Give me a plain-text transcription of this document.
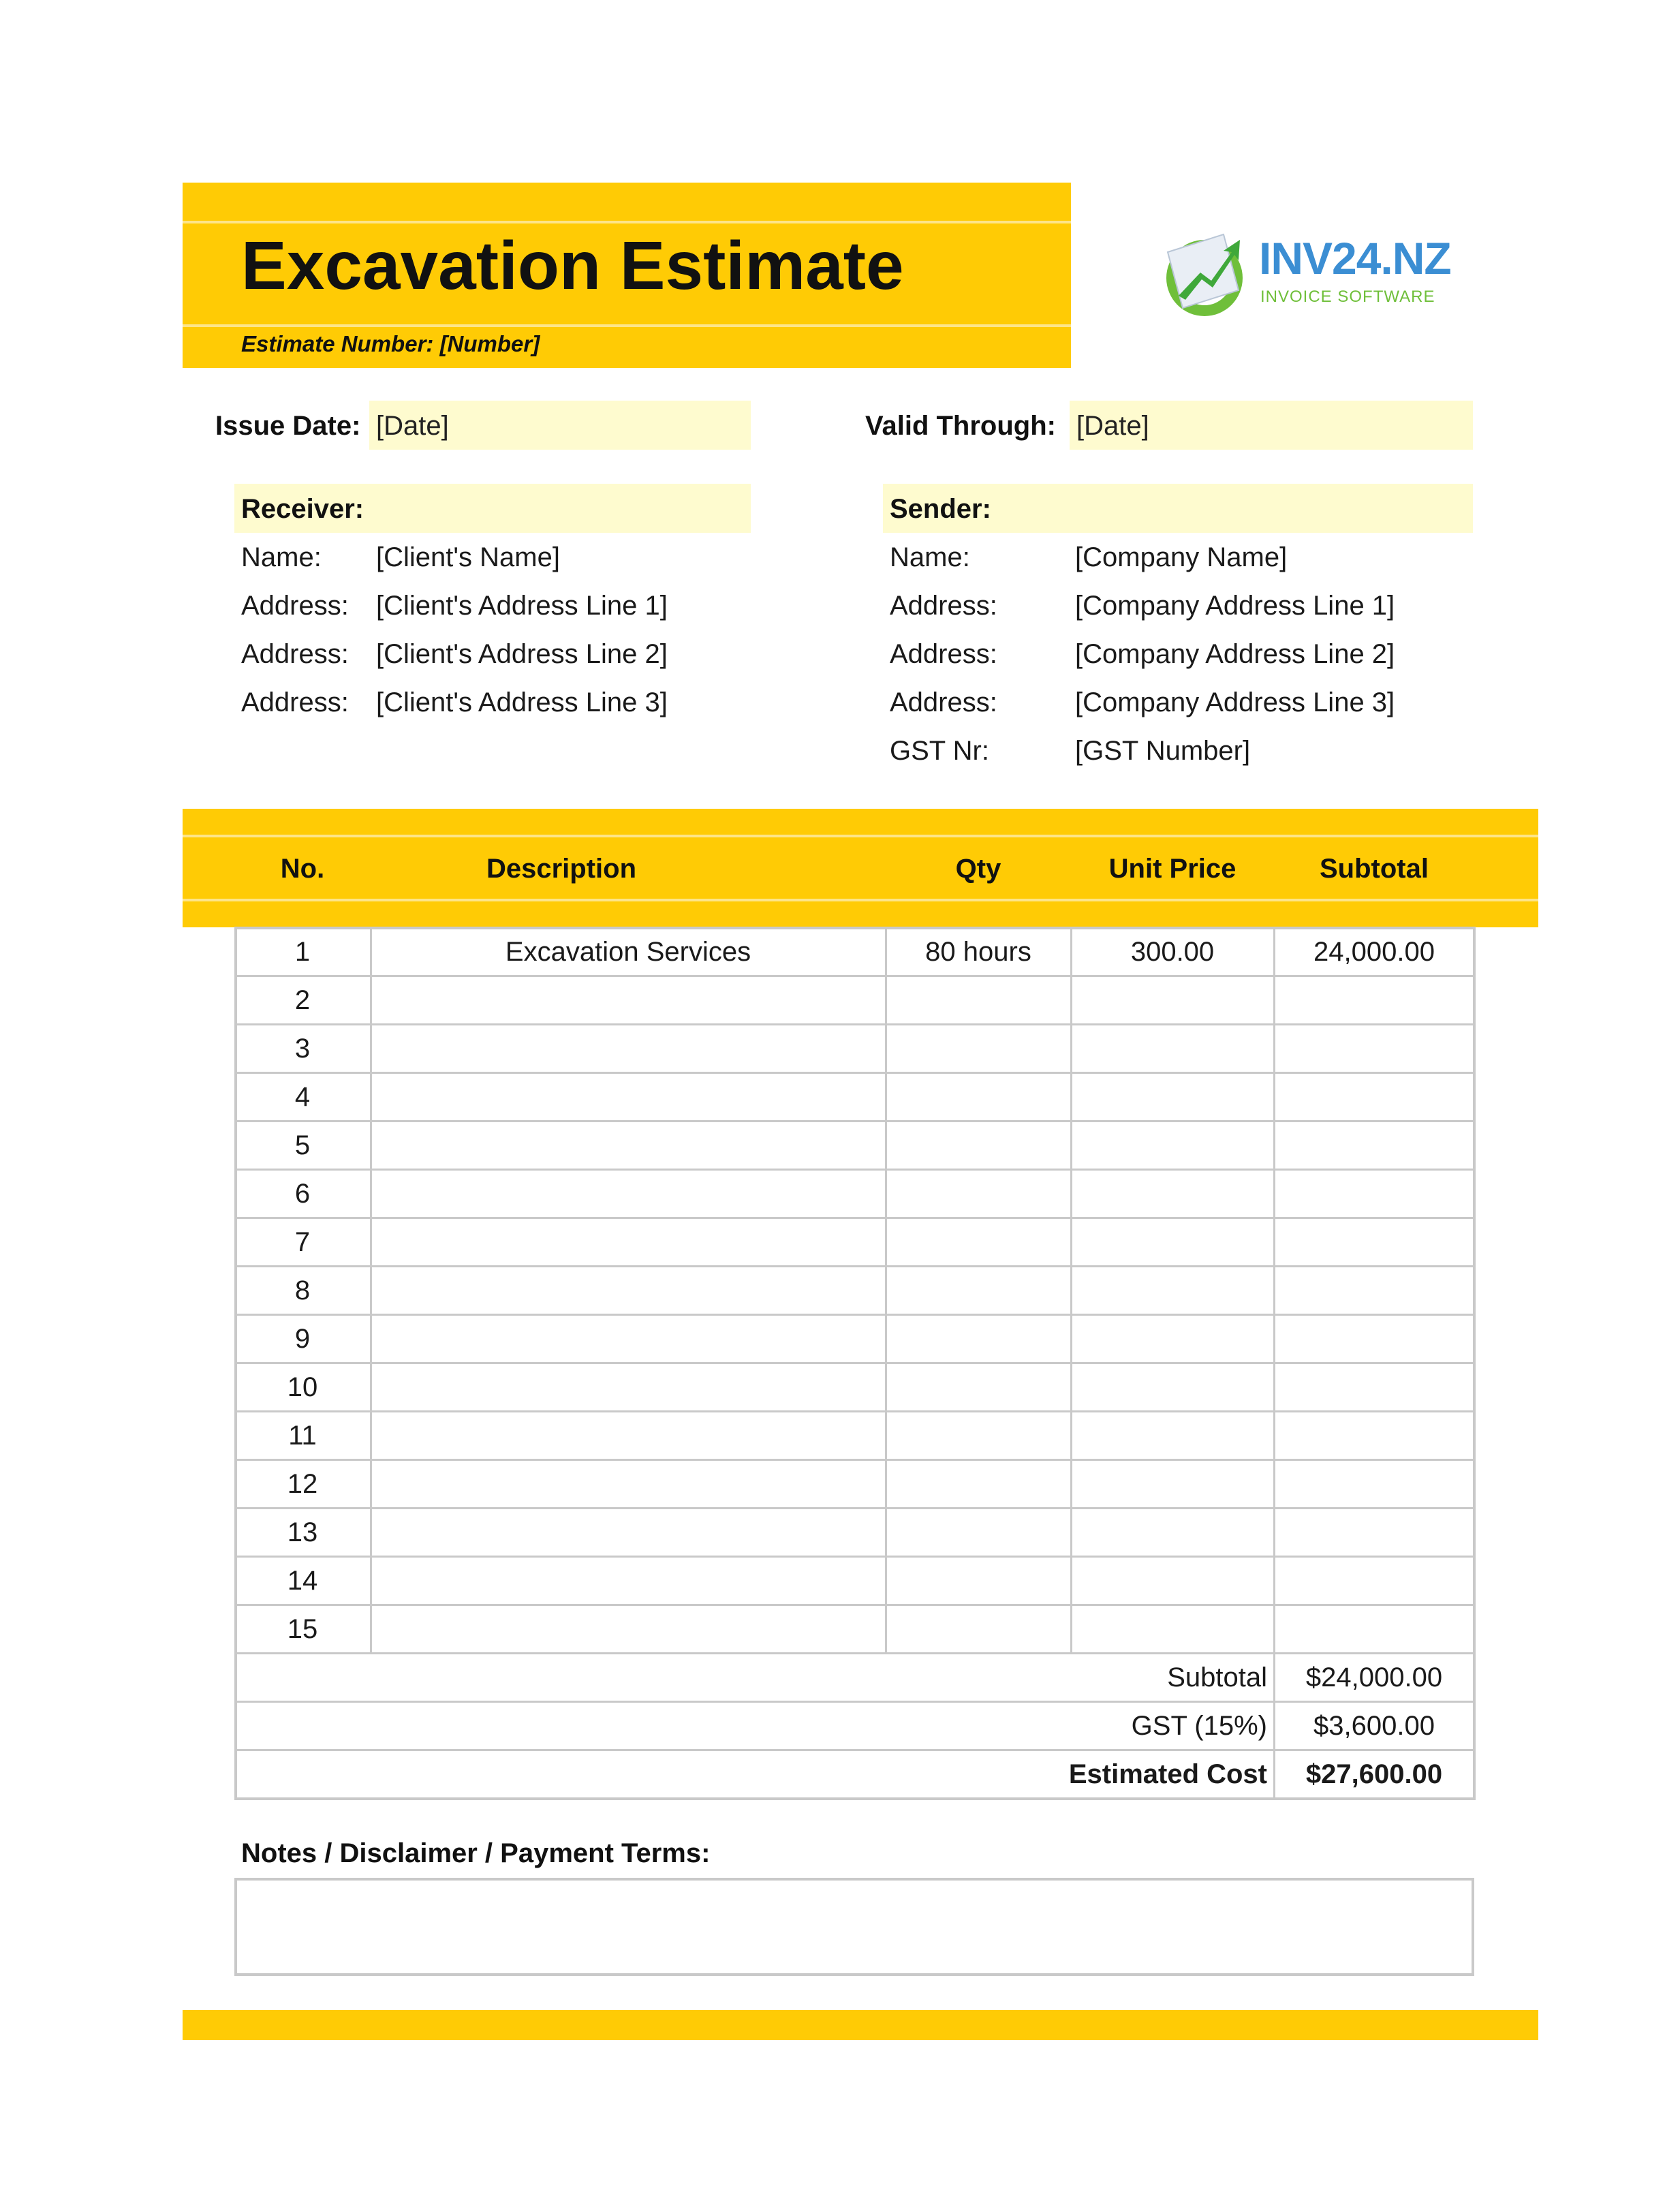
Excavation Estimate
Estimate Number: [Number]
INV24.NZ
INVOICE SOFTWARE
Issue Date: [Date]	Valid Through: [Date]
Receiver:
Name: [Client's Name]
Address: [Client's Address Line 1]
Address: [Client's Address Line 2]
Address: [Client's Address Line 3]
Sender:
Name:	[Company Name]
Address:	[Company Address Line 1]
Address:	[Company Address Line 2]
Address:	[Company Address Line 3]
GST Nr:	[GST Number]
No.	Description	Qty	Unit Price	Subtotal
1	Excavation Services	80 hours	300.00	24,000.00
2
3
4
5
6
7
8
9
10
11
12
13
14
15
Subtotal	$24,000.00
GST (15%)	$3,600.00
Estimated Cost	$27,600.00
Notes / Disclaimer / Payment Terms:
